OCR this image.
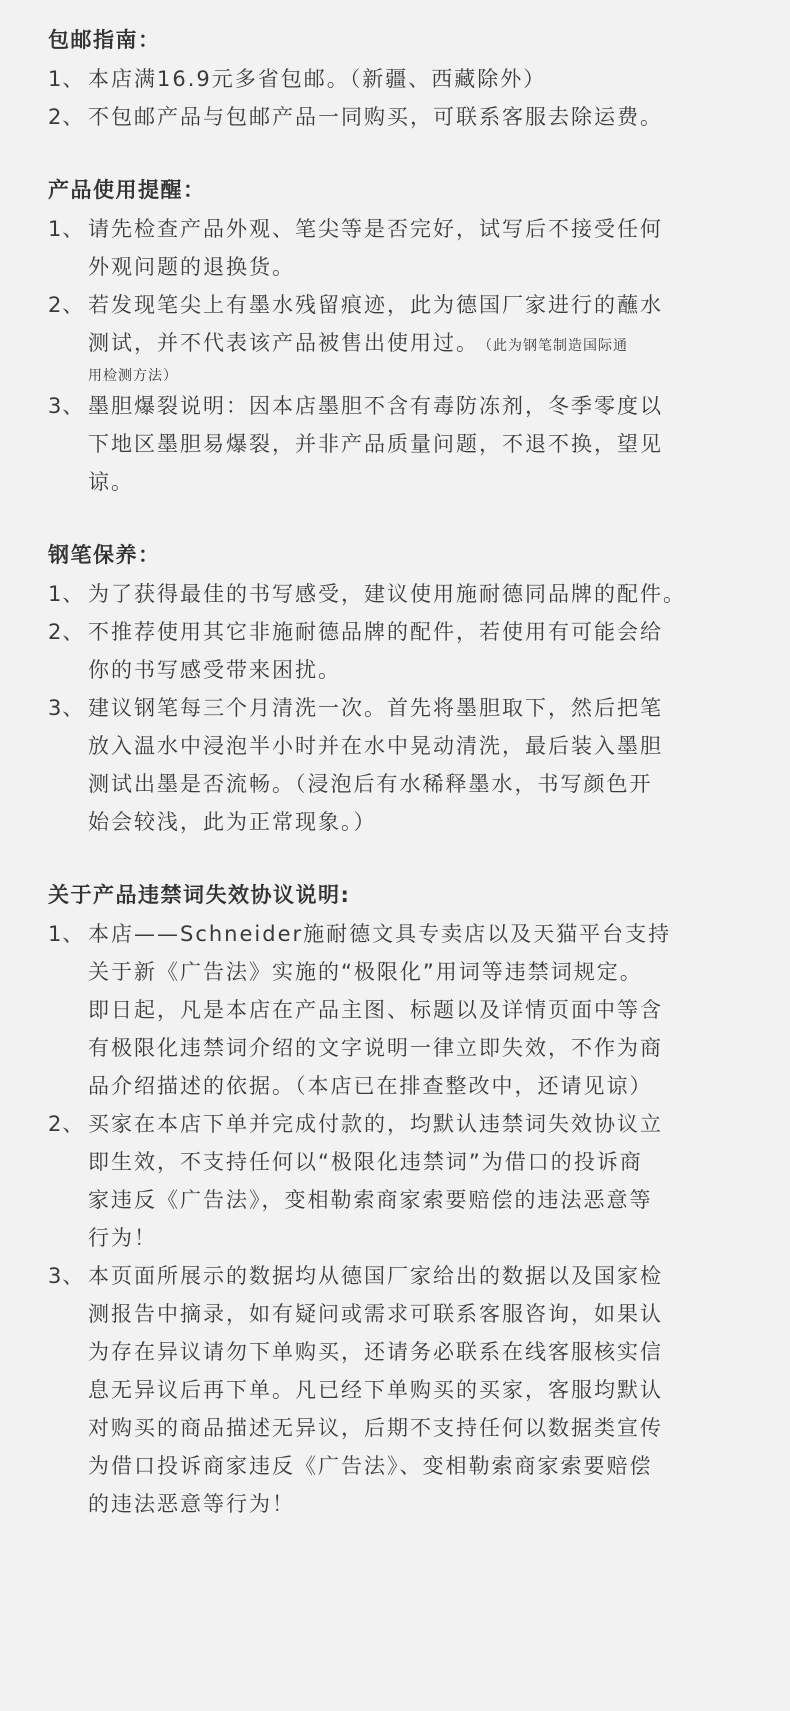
包邮指南：
1、 本店满16.9元多省包邮。（新疆、西藏除外）
2、 不包邮产品与包邮产品一同购买，可联系客服去除运费。
产品使用提醒：
1、 请先检查产品外观、笔尖等是否完好，试写后不接受任何
外观问题的退换货。
2、 若发现笔尖上有墨水残留痕迹，此为德国厂家进行的蘸水
测试，并不代表该产品被售出使用过。 （此为钢笔制造国际通
用检测方法）
3、 墨胆爆裂说明：因本店墨胆不含有毒防冻剂，冬季零度以
下地区墨胆易爆裂，并非产品质量问题，不退不换，望见
谅。
钢笔保养：
1、 为了获得最佳的书写感受，建议使用施耐德同品牌的配件。
2、 不推荐使用其它非施耐德品牌的配件，若使用有可能会给
你的书写感受带来困扰。
3、 建议钢笔每三个月清洗一次。首先将墨胆取下，然后把笔
放入温水中浸泡半小时并在水中晃动清洗，最后装入墨胆
测试出墨是否流畅。（浸泡后有水稀释墨水，书写颜色开
始会较浅，此为正常现象。）
关于产品违禁词失效协议说明:
1、 本店——Schneider施耐德文具专卖店以及天猫平台支持
关于新《广告法》实施的“极限化”用词等违禁词规定。
即日起，凡是本店在产品主图、标题以及详情页面中等含
有极限化违禁词介绍的文字说明一律立即失效，不作为商
品介绍描述的依据。（本店已在排查整改中，还请见谅）
2、 买家在本店下单并完成付款的，均默认违禁词失效协议立
即生效，不支持任何以“极限化违禁词”为借口的投诉商
家违反《广告法》，变相勒索商家索要赔偿的违法恶意等
行为！
3、 本页面所展示的数据均从德国厂家给出的数据以及国家检
测报告中摘录，如有疑问或需求可联系客服咨询，如果认
为存在异议请勿下单购买，还请务必联系在线客服核实信
息无异议后再下单。凡已经下单购买的买家，客服均默认
对购买的商品描述无异议，后期不支持任何以数据类宣传
为借口投诉商家违反《广告法》、变相勒索商家索要赔偿
的违法恶意等行为！
